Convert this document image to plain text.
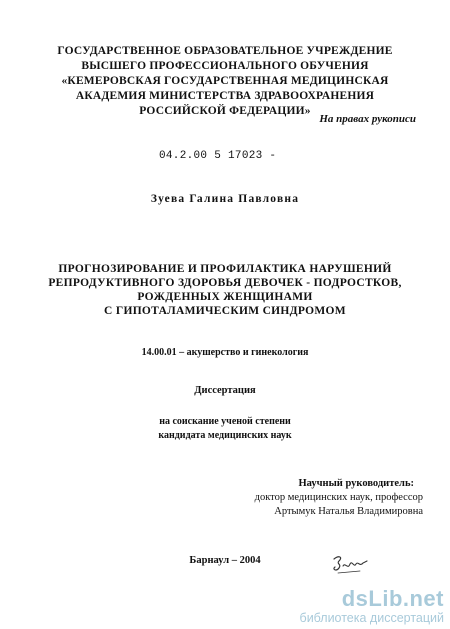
ГОСУДАРСТВЕННОЕ ОБРАЗОВАТЕЛЬНОЕ УЧРЕЖДЕНИЕ
ВЫСШЕГО ПРОФЕССИОНАЛЬНОГО ОБУЧЕНИЯ
«КЕМЕРОВСКАЯ ГОСУДАРСТВЕННАЯ МЕДИЦИНСКАЯ
АКАДЕМИЯ МИНИСТЕРСТВА ЗДРАВООХРАНЕНИЯ
РОССИЙСКОЙ ФЕДЕРАЦИИ»
На правах рукописи
04.2.00 5 17023 -
Зуева Галина Павловна
ПРОГНОЗИРОВАНИЕ И ПРОФИЛАКТИКА НАРУШЕНИЙ
РЕПРОДУКТИВНОГО ЗДОРОВЬЯ ДЕВОЧЕК - ПОДРОСТКОВ,
РОЖДЕННЫХ ЖЕНЩИНАМИ
С ГИПОТАЛАМИЧЕСКИМ СИНДРОМОМ
14.00.01 – акушерство и гинекология
Диссертация
на соискание ученой степени
кандидата медицинских наук
Научный руководитель:
доктор медицинских наук, профессор
Артымук Наталья Владимировна
Барнаул – 2004
dsLib.net
библиотека диссертаций
